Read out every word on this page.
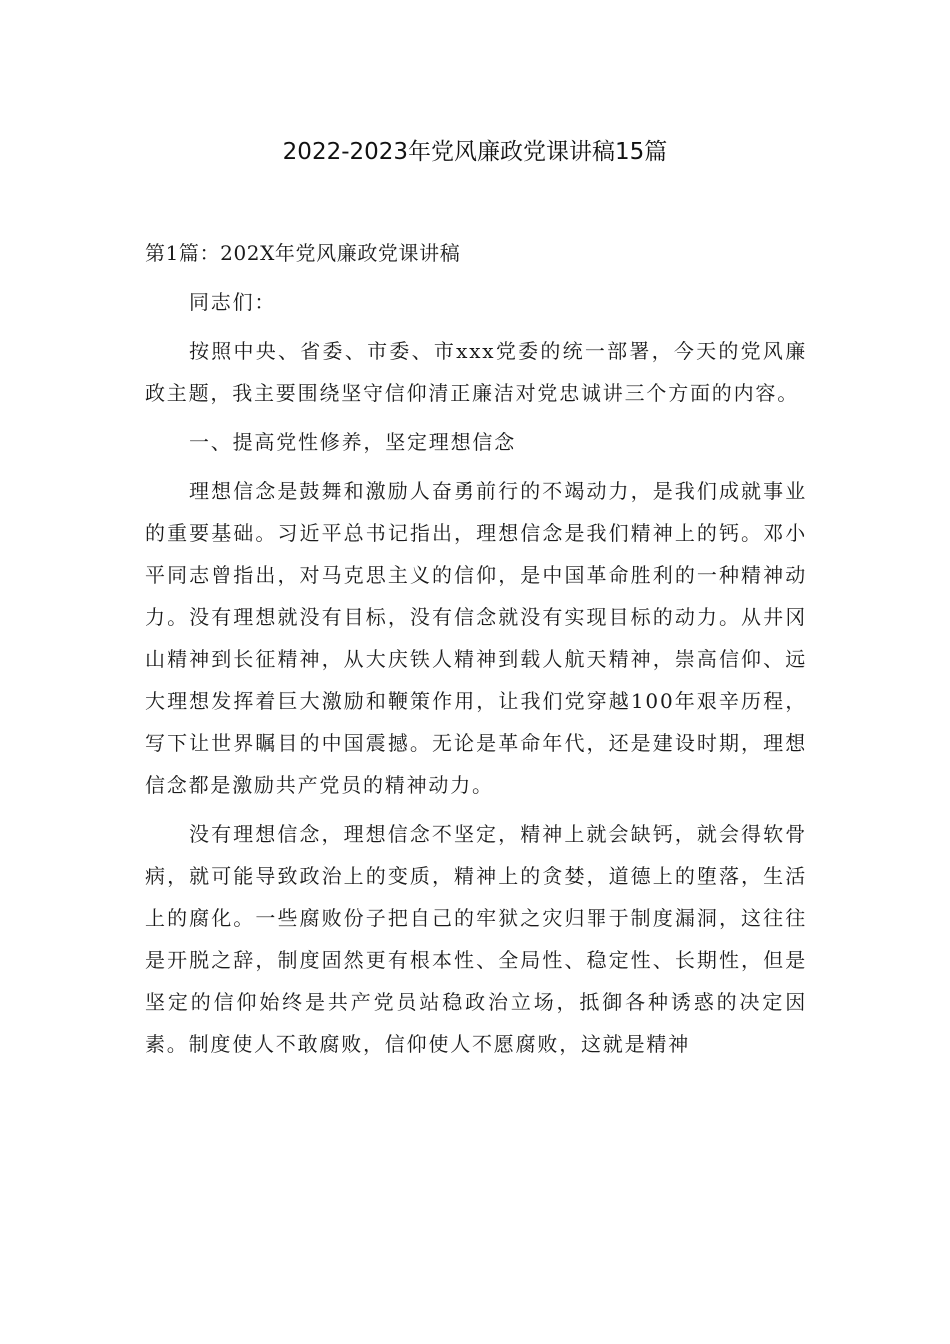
2022-2023年党风廉政党课讲稿15篇

第1篇：202X年党风廉政党课讲稿

同志们：

按照中央、省委、市委、市xxx党委的统一部署，今天的党风廉政主题，我主要围绕坚守信仰清正廉洁对党忠诚讲三个方面的内容。

一、提高党性修养，坚定理想信念

理想信念是鼓舞和激励人奋勇前行的不竭动力，是我们成就事业的重要基础。习近平总书记指出，理想信念是我们精神上的钙。邓小平同志曾指出，对马克思主义的信仰，是中国革命胜利的一种精神动力。没有理想就没有目标，没有信念就没有实现目标的动力。从井冈山精神到长征精神，从大庆铁人精神到载人航天精神，崇高信仰、远大理想发挥着巨大激励和鞭策作用，让我们党穿越100年艰辛历程，写下让世界瞩目的中国震撼。无论是革命年代，还是建设时期，理想信念都是激励共产党员的精神动力。

没有理想信念，理想信念不坚定，精神上就会缺钙，就会得软骨病，就可能导致政治上的变质，精神上的贪婪，道德上的堕落，生活上的腐化。一些腐败份子把自己的牢狱之灾归罪于制度漏洞，这往往是开脱之辞，制度固然更有根本性、全局性、稳定性、长期性，但是坚定的信仰始终是共产党员站稳政治立场，抵御各种诱惑的决定因素。制度使人不敢腐败，信仰使人不愿腐败，这就是精神
